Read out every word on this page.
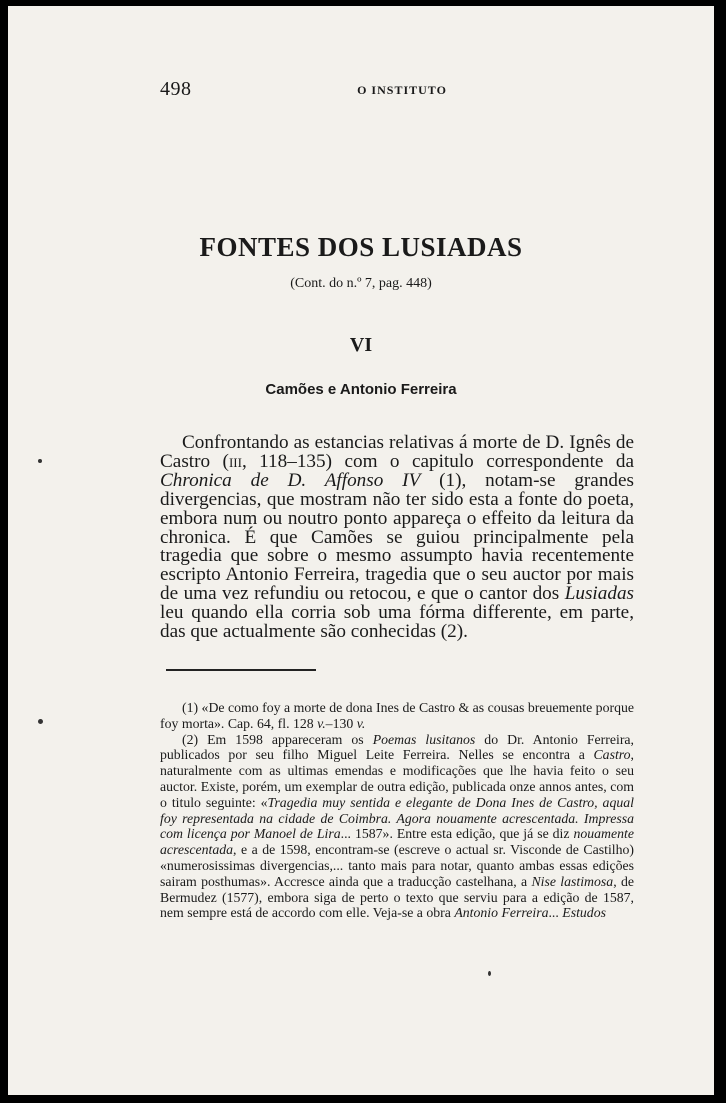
498	O INSTITUTO
FONTES DOS LUSIADAS
(Cont. do n.º 7, pag. 448)
VI
Camões e Antonio Ferreira

Confrontando as estancias relativas á morte de D. Ignês de Castro (iii, 118–135) com o capitulo correspondente da Chronica de D. Affonso IV (1), notam-se grandes divergencias, que mostram não ter sido esta a fonte do poeta, embora num ou noutro ponto appareça o effeito da leitura da chronica. É que Camões se guiou principalmente pela tragedia que sobre o mesmo assumpto havia recentemente escripto Antonio Ferreira, tragedia que o seu auctor por mais de uma vez refundiu ou retocou, e que o cantor dos Lusiadas leu quando ella corria sob uma fórma differente, em parte, das que actualmente são conhecidas (2).

(1) «De como foy a morte de dona Ines de Castro & as cousas breuemente porque foy morta». Cap. 64, fl. 128 v.–130 v.

(2) Em 1598 appareceram os Poemas lusitanos do Dr. Antonio Ferreira, publicados por seu filho Miguel Leite Ferreira. Nelles se encontra a Castro, naturalmente com as ultimas emendas e modificações que lhe havia feito o seu auctor. Existe, porém, um exemplar de outra edição, publicada onze annos antes, com o titulo seguinte: «Tragedia muy sentida e elegante de Dona Ines de Castro, aqual foy representada na cidade de Coimbra. Agora nouamente acrescentada. Impressa com licença por Manoel de Lira... 1587». Entre esta edição, que já se diz nouamente acrescentada, e a de 1598, encontram-se (escreve o actual sr. Visconde de Castilho) «numerosissimas divergencias,... tanto mais para notar, quanto ambas essas edições sairam posthumas». Accresce ainda que a traducção castelhana, a Nise lastimosa, de Bermudez (1577), embora siga de perto o texto que serviu para a edição de 1587, nem sempre está de accordo com elle. Veja-se a obra Antonio Ferreira... Estudos
